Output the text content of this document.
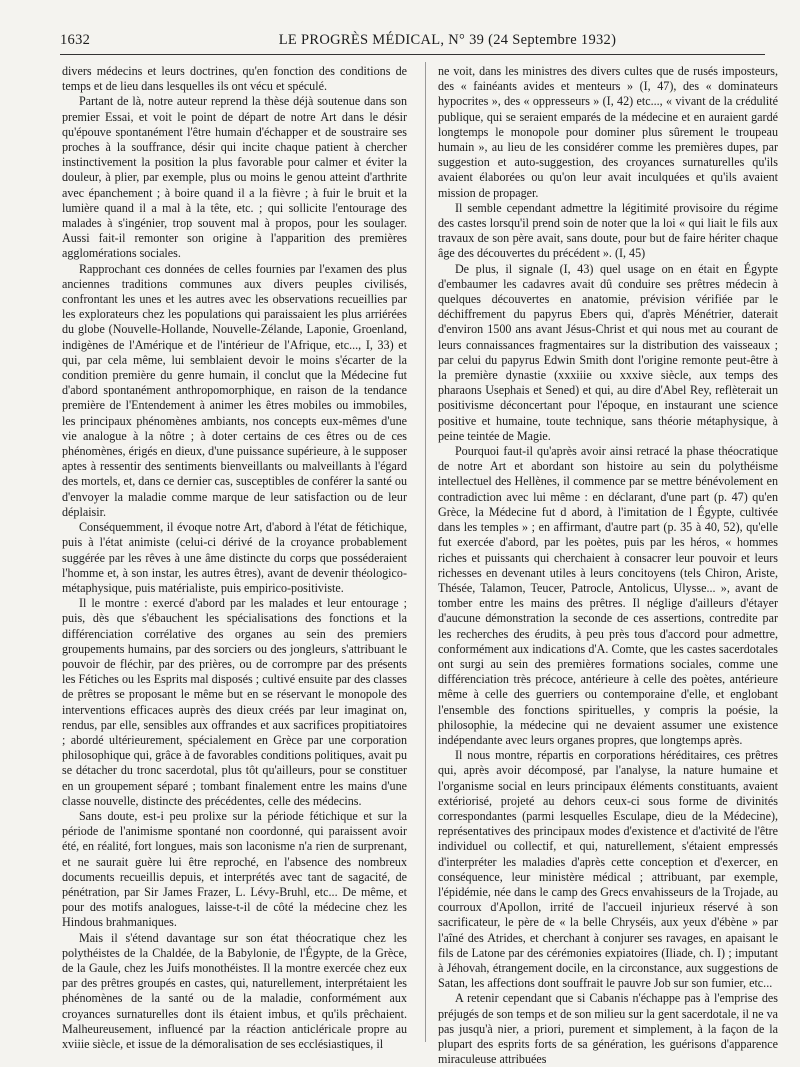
1632	LE PROGRÈS MÉDICAL, N° 39 (24 Septembre 1932)

divers médecins et leurs doctrines, qu'en fonction des conditions de temps et de lieu dans lesquelles ils ont vécu et spéculé.

Partant de là, notre auteur reprend la thèse déjà soutenue dans son premier Essai, et voit le point de départ de notre Art dans le désir qu'épouve spontanément l'être humain d'échapper et de soustraire ses proches à la souffrance, désir qui incite chaque patient à chercher instinctivement la position la plus favorable pour calmer et éviter la douleur, à plier, par exemple, plus ou moins le genou atteint d'arthrite avec épanchement ; à boire quand il a la fièvre ; à fuir le bruit et la lumière quand il a mal à la tête, etc. ; qui sollicite l'entourage des malades à s'ingénier, trop souvent mal à propos, pour les soulager. Aussi fait-il remonter son origine à l'apparition des premières agglomérations sociales.

Rapprochant ces données de celles fournies par l'examen des plus anciennes traditions communes aux divers peuples civilisés, confrontant les unes et les autres avec les observations recueillies par les explorateurs chez les populations qui paraissaient les plus arriérées du globe (Nouvelle-Hollande, Nouvelle-Zélande, Laponie, Groenland, indigènes de l'Amérique et de l'intérieur de l'Afrique, etc..., I, 33) et qui, par cela même, lui semblaient devoir le moins s'écarter de la condition première du genre humain, il conclut que la Médecine fut d'abord spontanément anthropomorphique, en raison de la tendance première de l'Entendement à animer les êtres mobiles ou immobiles, les principaux phénomènes ambiants, nos concepts eux-mêmes d'une vie analogue à la nôtre ; à doter certains de ces êtres ou de ces phénomènes, érigés en dieux, d'une puissance supérieure, à le supposer aptes à ressentir des sentiments bienveillants ou malveillants à l'égard des mortels, et, dans ce dernier cas, susceptibles de conférer la santé ou d'envoyer la maladie comme marque de leur satisfaction ou de leur déplaisir.

Conséquemment, il évoque notre Art, d'abord à l'état de fétichique, puis à l'état animiste (celui-ci dérivé de la croyance probablement suggérée par les rêves à une âme distincte du corps que posséderaient l'homme et, à son instar, les autres êtres), avant de devenir théologico-métaphysique, puis matérialiste, puis empirico-positiviste.

Il le montre : exercé d'abord par les malades et leur entourage ; puis, dès que s'ébauchent les spécialisations des fonctions et la différenciation corrélative des organes au sein des premiers groupements humains, par des sorciers ou des jongleurs, s'attribuant le pouvoir de fléchir, par des prières, ou de corrompre par des présents les Fétiches ou les Esprits mal disposés ; cultivé ensuite par des classes de prêtres se proposant le même but en se réservant le monopole des interventions efficaces auprès des dieux créés par leur imaginat on, rendus, par elle, sensibles aux offrandes et aux sacrifices propitiatoires ; abordé ultérieurement, spécialement en Grèce par une corporation philosophique qui, grâce à de favorables conditions politiques, avait pu se détacher du tronc sacerdotal, plus tôt qu'ailleurs, pour se constituer en un groupement séparé ; tombant finalement entre les mains d'une classe nouvelle, distincte des précédentes, celle des médecins.

Sans doute, est-i peu prolixe sur la période fétichique et sur la période de l'animisme spontané non coordonné, qui paraissent avoir été, en réalité, fort longues, mais son laconisme n'a rien de surprenant, et ne saurait guère lui être reproché, en l'absence des nombreux documents recueillis depuis, et interprétés avec tant de sagacité, de pénétration, par Sir James Frazer, L. Lévy-Bruhl, etc... De même, et pour des motifs analogues, laisse-t-il de côté la médecine chez les Hindous brahmaniques.

Mais il s'étend davantage sur son état théocratique chez les polythéistes de la Chaldée, de la Babylonie, de l'Égypte, de la Grèce, de la Gaule, chez les Juifs monothéistes. Il la montre exercée chez eux par des prêtres groupés en castes, qui, naturellement, interprétaient les phénomènes de la santé ou de la maladie, conformément aux croyances surnaturelles dont ils étaient imbus, et qu'ils prêchaient. Malheureusement, influencé par la réaction anticléricale propre au xviiie siècle, et issue de la démoralisation de ses ecclésiastiques, il

ne voit, dans les ministres des divers cultes que de rusés imposteurs, des « fainéants avides et menteurs » (I, 47), des « dominateurs hypocrites », des « oppresseurs » (I, 42) etc..., « vivant de la crédulité publique, qui se seraient emparés de la médecine et en auraient gardé longtemps le monopole pour dominer plus sûrement le troupeau humain », au lieu de les considérer comme les premières dupes, par suggestion et auto-suggestion, des croyances surnaturelles qu'ils avaient élaborées ou qu'on leur avait inculquées et qu'ils avaient mission de propager.

Il semble cependant admettre la légitimité provisoire du régime des castes lorsqu'il prend soin de noter que la loi « qui liait le fils aux travaux de son père avait, sans doute, pour but de faire hériter chaque âge des découvertes du précédent ». (I, 45)

De plus, il signale (I, 43) quel usage on en était en Égypte d'embaumer les cadavres avait dû conduire ses prêtres médecin à quelques découvertes en anatomie, prévision vérifiée par le déchiffrement du papyrus Ebers qui, d'après Ménétrier, daterait d'environ 1500 ans avant Jésus-Christ et qui nous met au courant de leurs connaissances fragmentaires sur la distribution des vaisseaux ; par celui du papyrus Edwin Smith dont l'origine remonte peut-être à la première dynastie (xxxiiie ou xxxive siècle, aux temps des pharaons Usephais et Sened) et qui, au dire d'Abel Rey, reflèterait un positivisme déconcertant pour l'époque, en instaurant une science positive et humaine, toute technique, sans théorie métaphysique, à peine teintée de Magie.

Pourquoi faut-il qu'après avoir ainsi retracé la phase théocratique de notre Art et abordant son histoire au sein du polythéisme intellectuel des Hellènes, il commence par se mettre bénévolement en contradiction avec lui même : en déclarant, d'une part (p. 47) qu'en Grèce, la Médecine fut d abord, à l'imitation de l Égypte, cultivée dans les temples » ; en affirmant, d'autre part (p. 35 à 40, 52), qu'elle fut exercée d'abord, par les poètes, puis par les héros, « hommes riches et puissants qui cherchaient à consacrer leur pouvoir et leurs richesses en devenant utiles à leurs concitoyens (tels Chiron, Ariste, Thésée, Talamon, Teucer, Patrocle, Antolicus, Ulysse... », avant de tomber entre les mains des prêtres. Il néglige d'ailleurs d'étayer d'aucune démonstration la seconde de ces assertions, contredite par les recherches des érudits, à peu près tous d'accord pour admettre, conformément aux indications d'A. Comte, que les castes sacerdotales ont surgi au sein des premières formations sociales, comme une différenciation très précoce, antérieure à celle des poètes, antérieure même à celle des guerriers ou contemporaine d'elle, et englobant l'ensemble des fonctions spirituelles, y compris la poésie, la philosophie, la médecine qui ne devaient assumer une existence indépendante avec leurs organes propres, que longtemps après.

Il nous montre, répartis en corporations héréditaires, ces prêtres qui, après avoir décomposé, par l'analyse, la nature humaine et l'organisme social en leurs principaux éléments constituants, avaient extériorisé, projeté au dehors ceux-ci sous forme de divinités correspondantes (parmi lesquelles Esculape, dieu de la Médecine), représentatives des principaux modes d'existence et d'activité de l'être individuel ou collectif, et qui, naturellement, s'étaient empressés d'interpréter les maladies d'après cette conception et d'exercer, en conséquence, leur ministère médical ; attribuant, par exemple, l'épidémie, née dans le camp des Grecs envahisseurs de la Trojade, au courroux d'Apollon, irrité de l'accueil injurieux réservé à son sacrificateur, le père de « la belle Chryséis, aux yeux d'ébène » par l'aîné des Atrides, et cherchant à conjurer ses ravages, en apaisant le fils de Latone par des cérémonies expiatoires (Iliade, ch. I) ; imputant à Jéhovah, étrangement docile, en la circonstance, aux suggestions de Satan, les affections dont souffrait le pauvre Job sur son fumier, etc...

A retenir cependant que si Cabanis n'échappe pas à l'emprise des préjugés de son temps et de son milieu sur la gent sacerdotale, il ne va pas jusqu'à nier, a priori, purement et simplement, à la façon de la plupart des esprits forts de sa génération, les guérisons d'apparence miraculeuse attribuées
